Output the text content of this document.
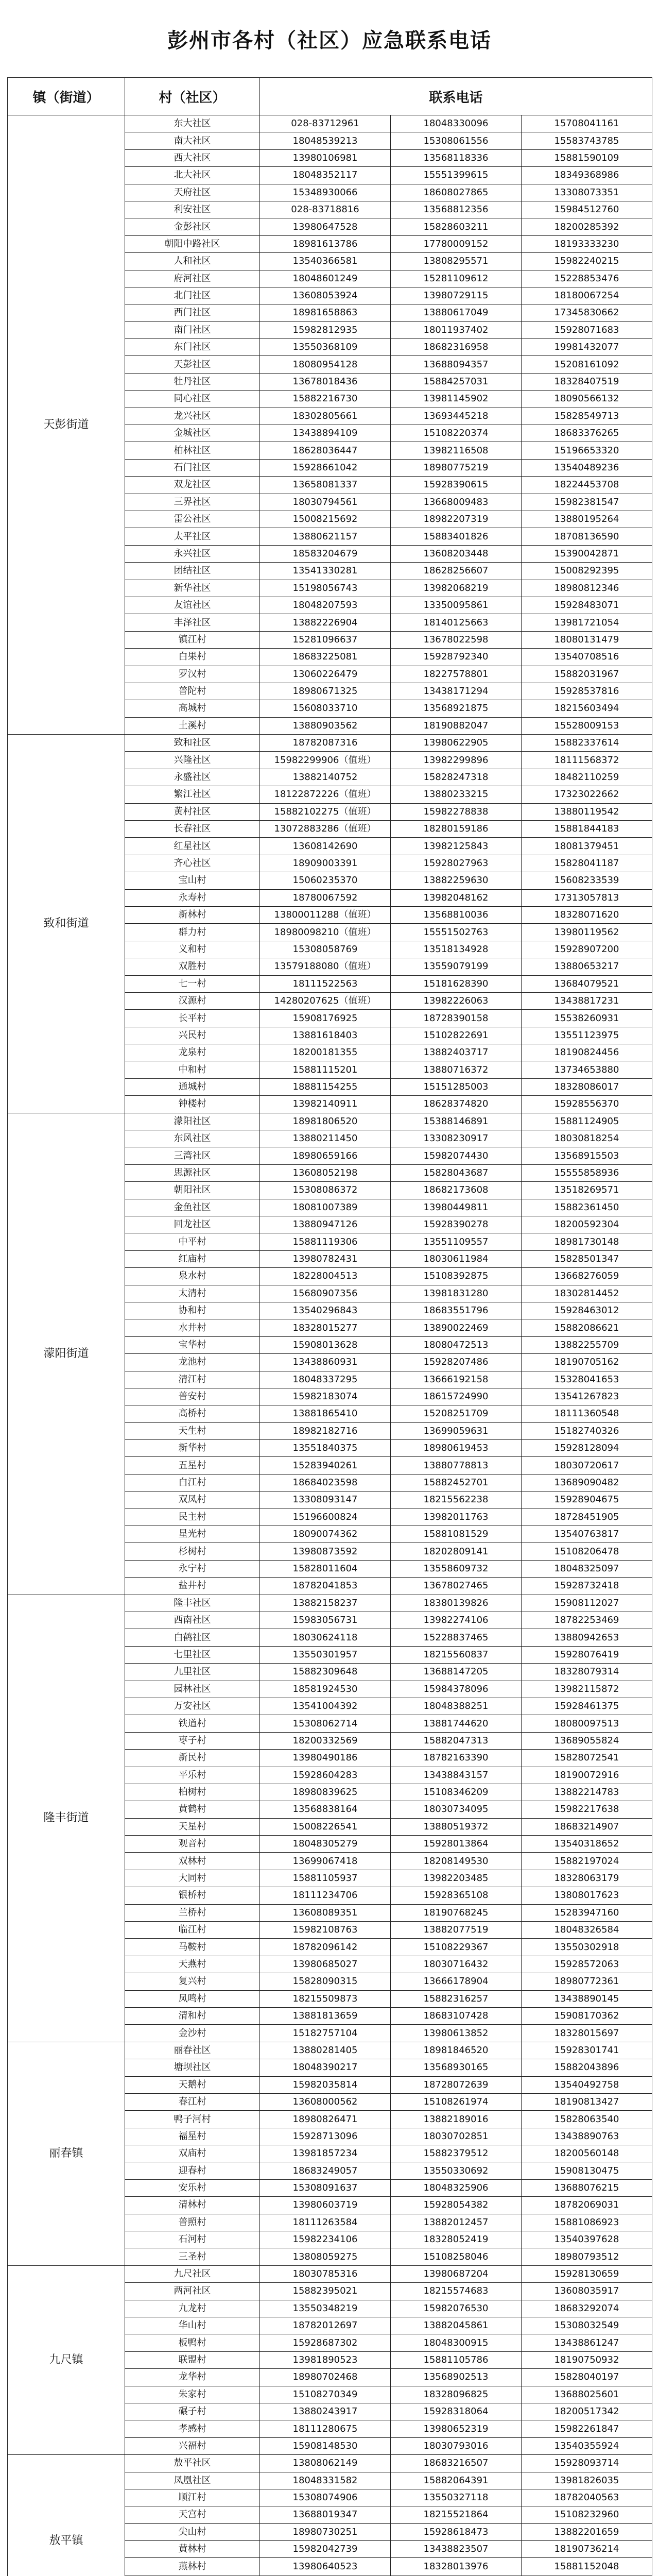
彭州市各村（社区）应急联系电话
镇（街道）	村（社区）	联系电话		
天彭街道	东大社区	028-83712961	18048330096	15708041161
	南大社区	18048539213	15308061556	15583743785
	西大社区	13980106981	13568118336	15881590109
	北大社区	18048352117	15551399615	18349368986
	天府社区	15348930066	18608027865	13308073351
	利安社区	028-83718816	13568812356	15984512760
	金彭社区	13980647528	15828603211	18200285392
	朝阳中路社区	18981613786	17780009152	18193333230
	人和社区	13540366581	13808295571	15982240215
	府河社区	18048601249	15281109612	15228853476
	北门社区	13608053924	13980729115	18180067254
	西门社区	18981658863	13880617049	17345830662
	南门社区	15982812935	18011937402	15928071683
	东门社区	13550368109	18682316958	19981432077
	天彭社区	18080954128	13688094357	15208161092
	牡丹社区	13678018436	15884257031	18328407519
	同心社区	15882216730	13981145902	18090566132
	龙兴社区	18302805661	13693445218	15828549713
	金城社区	13438894109	15108220374	18683376265
	柏林社区	18628036447	13982116508	15196653320
	石门社区	15928661042	18980775219	13540489236
	双龙社区	13658081337	15928390615	18224453708
	三界社区	18030794561	13668009483	15982381547
	雷公社区	15008215692	18982207319	13880195264
	太平社区	13880621157	15883401826	18708136590
	永兴社区	18583204679	13608203448	15390042871
	团结社区	13541330281	18628256607	15008292395
	新华社区	15198056743	13982068219	18980812346
	友谊社区	18048207593	13350095861	15928483071
	丰泽社区	13882226904	18140125663	13981721054
	镇江村	15281096637	13678022598	18080131479
	白果村	18683225081	15928792340	13540708516
	罗汉村	13060226479	18227578801	15882031967
	普陀村	18980671325	13438171294	15928537816
	高城村	15608033710	13568921875	18215603494
	土溪村	13880903562	18190882047	15528009153
致和街道	致和社区	18782087316	13980622905	15882337614
	兴隆社区	15982299906（值班）	13982299896	18111568372
	永盛社区	13882140752	15828247318	18482110259
	繁江社区	18122872226（值班）	13880233215	17323022662
	黄村社区	15882102275（值班）	15982278838	13880119542
	长春社区	13072883286（值班）	18280159186	15881844183
	红星社区	13608142690	13982125843	18081379451
	齐心社区	18909003391	15928027963	15828041187
	宝山村	15060235370	13882259630	15608233539
	永寿村	18780067592	13982048162	17313057813
	新林村	13800011288（值班）	13568810036	18328071620
	群力村	18980098210（值班）	15551502763	13980119562
	义和村	15308058769	13518134928	15928907200
	双胜村	13579188080（值班）	13559079199	13880653217
	七一村	18111522563	15181628390	13684079521
	汉源村	14280207625（值班）	13982226063	13438817231
	长平村	15908176925	18728390158	15538260931
	兴民村	13881618403	15102822691	13551123975
	龙泉村	18200181355	13882403717	18190824456
	中和村	15881115201	13880716372	13734653880
	通城村	18881154255	15151285003	18328086017
	钟楼村	13982140911	18628374820	15928556370
濛阳街道	濛阳社区	18981806520	15388146891	15881124905
	东风社区	13880211450	13308230917	18030818254
	三湾社区	18980659166	15982074430	13568915503
	思源社区	13608052198	15828043687	15555858936
	朝阳社区	15308086372	18682173608	13518269571
	金鱼社区	18081007389	13980449811	15882361450
	回龙社区	13880947126	15928390278	18200592304
	中平村	15881119306	13551109557	18981730148
	红庙村	13980782431	18030611984	15828501347
	泉水村	18228004513	15108392875	13668276059
	太清村	15680907356	13981831280	18302814452
	协和村	13540296843	18683551796	15928463012
	水井村	18328015277	13890022469	15882086621
	宝华村	15908013628	18080472513	13882255709
	龙池村	13438860931	15928207486	18190705162
	清江村	18048337295	13666192158	15328041653
	普安村	15982183074	18615724990	13541267823
	高桥村	13881865410	15208251709	18111360548
	天生村	18982182716	13699059631	15182740326
	新华村	13551840375	18980619453	15928128094
	五星村	15283940261	13880778813	18030720617
	白江村	18684023598	15882452701	13689090482
	双凤村	13308093147	18215562238	15928904675
	民主村	15196600824	13982011763	18728451905
	星光村	18090074362	15881081529	13540763817
	杉树村	13980873592	18202809141	15108206478
	永宁村	15828011604	13558609732	18048325097
	盐井村	18782041853	13678027465	15928732418
隆丰街道	隆丰社区	13882158237	18380139826	15908112027
	西南社区	15983056731	13982274106	18782253469
	白鹤社区	18030624118	15228837465	13880942653
	七里社区	13550301957	18215560837	15928076419
	九里社区	15882309648	13688147205	18328079314
	园林社区	18581924530	15984378096	13982115872
	万安社区	13541004392	18048388251	15928461375
	铁道村	15308062714	13881744620	18080097513
	枣子村	18200332569	15882047313	13689055824
	新民村	13980490186	18782163390	15828072541
	平乐村	15928604283	13438843157	18190072916
	柏树村	18980839625	15108346209	13882214783
	黄鹤村	13568838164	18030734095	15982217638
	天星村	15008226541	13880519372	18683214907
	观音村	18048305279	15928013864	13540318652
	双林村	13699067418	18208149530	15882197024
	大同村	15881105937	13982203485	18328063179
	银桥村	18111234706	15928365108	13808017623
	兰桥村	13608089351	18190768245	15283947160
	临江村	15982108763	13882077519	18048326584
	马鞍村	18782096142	15108229367	13550302918
	天燕村	13980685027	18030716432	15928572063
	复兴村	15828090315	13666178904	18980772361
	凤鸣村	18215509873	15882316257	13438890145
	清和村	13881813659	18683107428	15908170362
	金沙村	15182757104	13980613852	18328015697
丽春镇	丽春社区	13880281405	18981846520	15928301741
	塘坝社区	18048390217	13568930165	15882043896
	天鹅村	15982035814	18728072639	13540492758
	春江村	13608000562	15108261974	18190813427
	鸭子河村	18980826471	13882189016	15828063540
	福星村	15928713096	18030702851	13438890763
	双庙村	13981857234	15882379512	18200560148
	迎春村	18683249057	13550330692	15908130475
	安乐村	15308091637	18048325906	13688076215
	清林村	13980603719	15928054382	18782069031
	普照村	18111263584	13882012457	15881086923
	石河村	15982234106	18328052419	13540397628
	三圣村	13808059275	15108258046	18980793512
九尺镇	九尺社区	18030785316	13980687204	15928130659
	两河社区	15882395021	18215574683	13608035917
	九龙村	13550348219	15982076530	18683292074
	华山村	18782012697	13882045861	15308032549
	板鸭村	15928687302	18048300915	13438861247
	联盟村	13981890523	15881105786	18190750932
	龙华村	18980702468	13568902513	15828040197
	朱家村	15108270349	18328096825	13688025601
	碾子村	13880243917	15928318064	18200517342
	孝感村	18111280675	13980652319	15982261847
	兴福村	15908148530	18030793016	13540355924
敖平镇	敖平社区	13808062149	18683216507	15928093714
	凤凰社区	18048331582	15882064391	13981826035
	顺江村	15308074906	13550327118	18782040563
	天宫村	13688019347	18215521864	15108232960
	尖山村	18980730251	15928618473	13882201659
	黄林村	15982042739	13438823507	18190736214
	燕林村	13980640523	18328013976	15881152048
